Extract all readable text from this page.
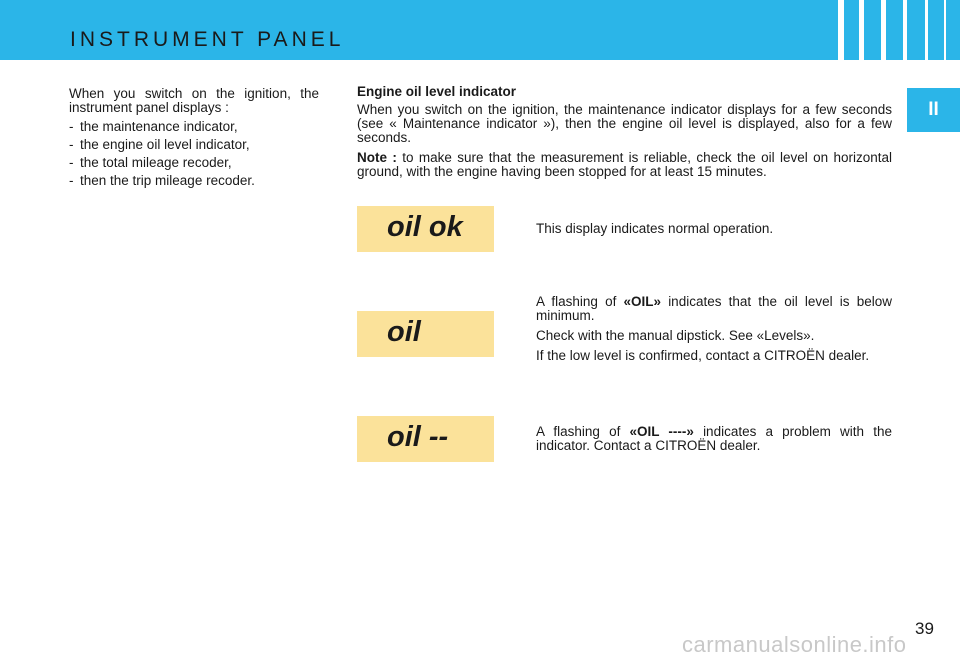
INSTRUMENT PANEL
II

When you switch on the ignition, the instrument panel displays :

- the maintenance indicator,
- the engine oil level indicator,
- the total mileage recoder,
- then the trip mileage recoder.
Engine oil level indicator

When you switch on the ignition, the maintenance indicator displays for a few seconds (see « Maintenance indicator »), then the engine oil level is displayed, also for a few seconds.

Note : to make sure that the measurement is reliable, check the oil level on horizontal ground, with the engine having been stopped for at least 15 minutes.

oil ok	This display indicates normal operation.

oil

A flashing of «OIL» indicates that the oil level is below minimum.

Check with the manual dipstick. See «Levels».

If the low level is confirmed, contact a CITROËN dealer.

oil --	A flashing of «OIL ----» indicates a problem with the indicator. Contact a CITROËN dealer.

39
carmanualsonline.info
